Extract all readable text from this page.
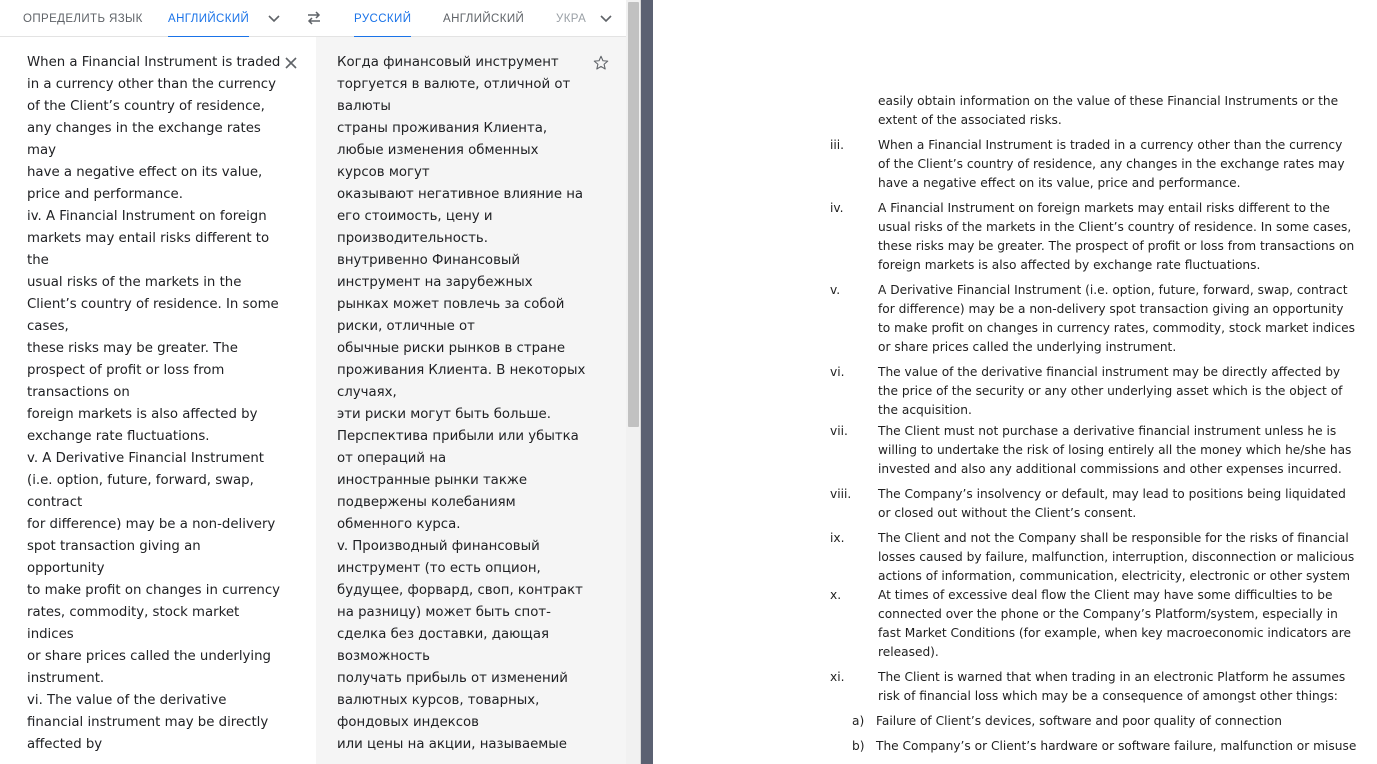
ОПРЕДЕЛИТЬ ЯЗЫК АНГЛИЙСКИЙ	РУССКИЙ	АНГЛИЙСКИЙ	УКРА
When a Financial Instrument is traded
in a currency other than the currency
of the Client’s country of residence,
any changes in the exchange rates
may
have a negative effect on its value,
price and performance.
iv. A Financial Instrument on foreign
markets may entail risks different to
the
usual risks of the markets in the
Client’s country of residence. In some
cases,
these risks may be greater. The
prospect of profit or loss from
transactions on
foreign markets is also affected by
exchange rate fluctuations.
v. A Derivative Financial Instrument
(i.e. option, future, forward, swap,
contract
for difference) may be a non-delivery
spot transaction giving an
opportunity
to make profit on changes in currency
rates, commodity, stock market
indices
or share prices called the underlying
instrument.
vi. The value of the derivative
financial instrument may be directly
affected by
Когда финансовый инструмент
торгуется в валюте, отличной от
валюты
страны проживания Клиента,
любые изменения обменных
курсов могут
оказывают негативное влияние на
его стоимость, цену и
производительность.
внутривенно Финансовый
инструмент на зарубежных
рынках может повлечь за собой
риски, отличные от
обычные риски рынков в стране
проживания Клиента. В некоторых
случаях,
эти риски могут быть больше.
Перспектива прибыли или убытка
от операций на
иностранные рынки также
подвержены колебаниям
обменного курса.
v. Производный финансовый
инструмент (то есть опцион,
будущее, форвард, своп, контракт
на разницу) может быть спот-
сделка без доставки, дающая
возможность
получать прибыль от изменений
валютных курсов, товарных,
фондовых индексов
или цены на акции, называемые
easily obtain information on the value of these Financial Instruments or the
extent of the associated risks.
iii.	When a Financial Instrument is traded in a currency other than the currency
of the Client’s country of residence, any changes in the exchange rates may
have a negative effect on its value, price and performance.
iv.	A Financial Instrument on foreign markets may entail risks different to the
usual risks of the markets in the Client’s country of residence. In some cases,
these risks may be greater. The prospect of profit or loss from transactions on
foreign markets is also affected by exchange rate fluctuations.
v.	A Derivative Financial Instrument (i.e. option, future, forward, swap, contract
for difference) may be a non-delivery spot transaction giving an opportunity
to make profit on changes in currency rates, commodity, stock market indices
or share prices called the underlying instrument.
vi.	The value of the derivative financial instrument may be directly affected by
the price of the security or any other underlying asset which is the object of
the acquisition.
vii. The Client must not purchase a derivative financial instrument unless he is
willing to undertake the risk of losing entirely all the money which he/she has
invested and also any additional commissions and other expenses incurred.
viii. The Company’s insolvency or default, may lead to positions being liquidated
or closed out without the Client’s consent.
ix.	The Client and not the Company shall be responsible for the risks of financial
losses caused by failure, malfunction, interruption, disconnection or malicious
actions of information, communication, electricity, electronic or other system
x.	At times of excessive deal flow the Client may have some difficulties to be
connected over the phone or the Company’s Platform/system, especially in
fast Market Conditions (for example, when key macroeconomic indicators are
released).
xi.	The Client is warned that when trading in an electronic Platform he assumes
risk of financial loss which may be a consequence of amongst other things:
a) Failure of Client’s devices, software and poor quality of connection
b) The Company’s or Client’s hardware or software failure, malfunction or misuse
